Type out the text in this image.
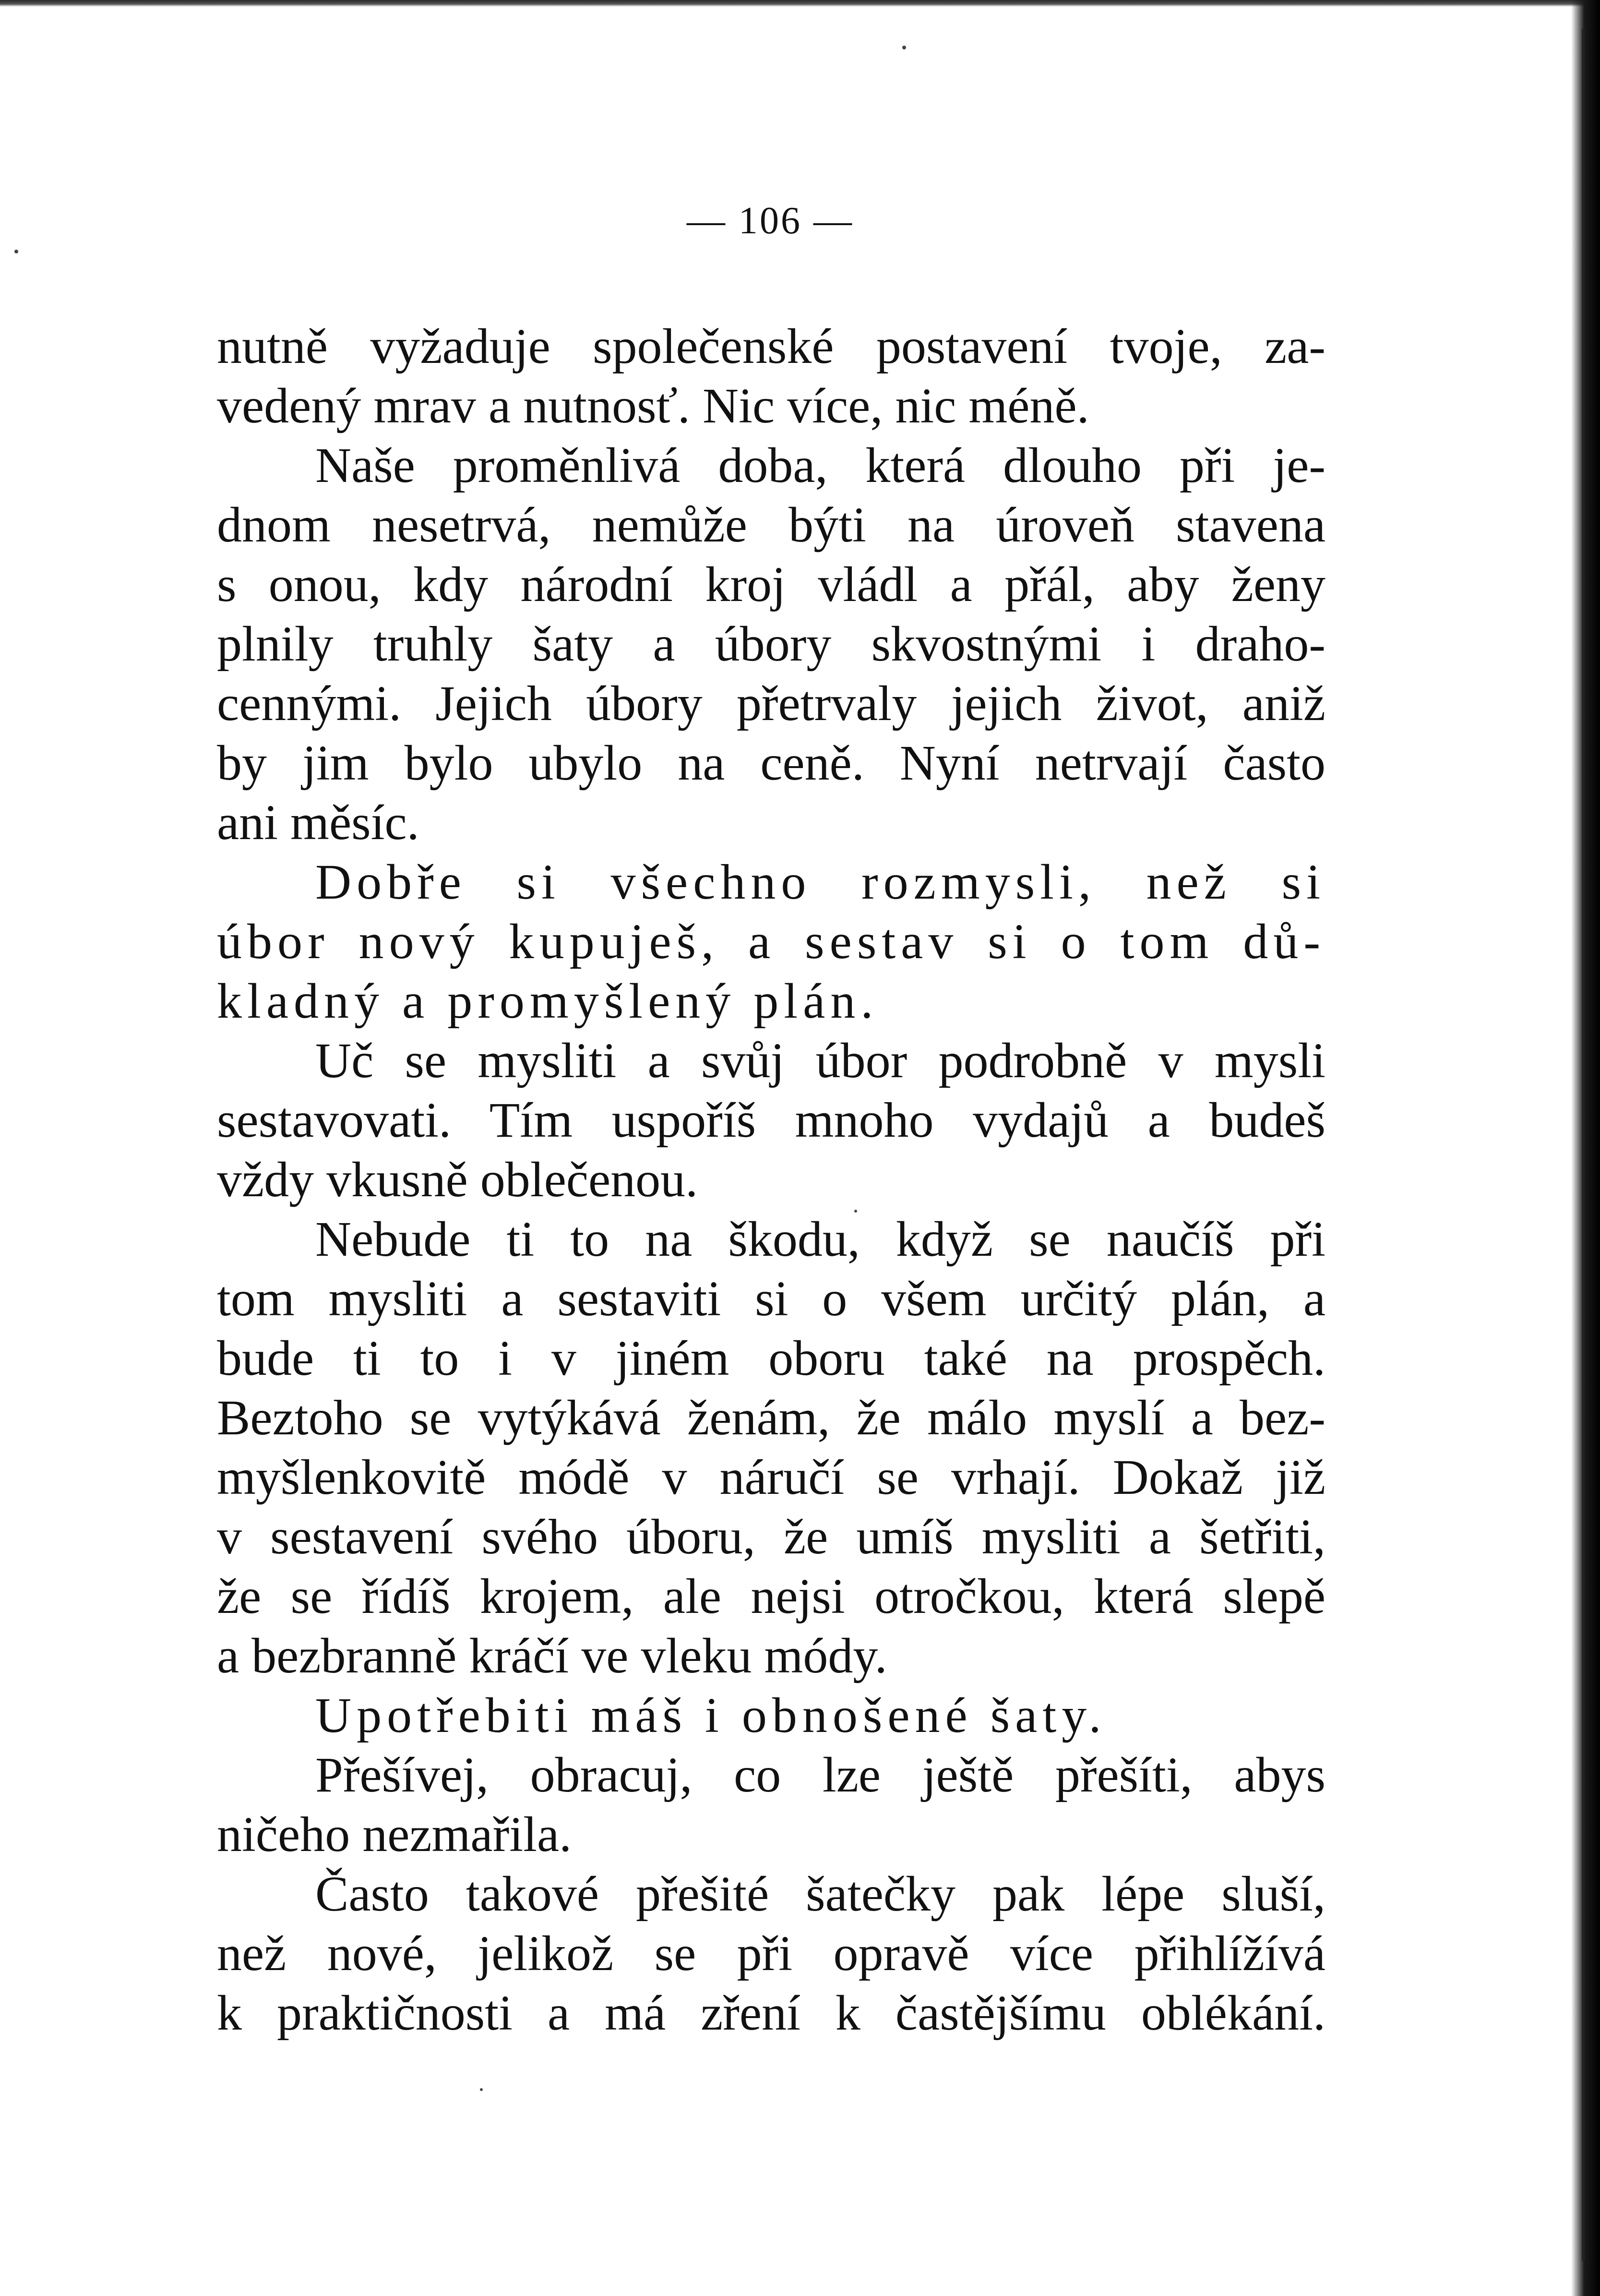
— 106 —
nutně vyžaduje společenské postavení tvoje, za-
vedený mrav a nutnosť. Nic více, nic méně.
Naše proměnlivá doba, která dlouho při je-
dnom nesetrvá, nemůže býti na úroveň stavena
s onou, kdy národní kroj vládl a přál, aby ženy
plnily truhly šaty a úbory skvostnými i draho-
cennými. Jejich úbory přetrvaly jejich život, aniž
by jim bylo ubylo na ceně. Nyní netrvají často
ani měsíc.
Dobře si všechno rozmysli, než si
úbor nový kupuješ, a sestav si o tom dů-
kladný a promyšlený plán.
Uč se mysliti a svůj úbor podrobně v mysli
sestavovati. Tím uspoříš mnoho vydajů a budeš
vždy vkusně oblečenou.
Nebude ti to na škodu, když se naučíš při
tom mysliti a sestaviti si o všem určitý plán, a
bude ti to i v jiném oboru také na prospěch.
Beztoho se vytýkává ženám, že málo myslí a bez-
myšlenkovitě módě v náručí se vrhají. Dokaž již
v sestavení svého úboru, že umíš mysliti a šetřiti,
že se řídíš krojem, ale nejsi otročkou, která slepě
a bezbranně kráčí ve vleku módy.
Upotřebiti máš i obnošené šaty.
Přešívej, obracuj, co lze ještě přešíti, abys
ničeho nezmařila.
Často takové přešité šatečky pak lépe sluší,
než nové, jelikož se při opravě více přihlížívá
k praktičnosti a má zření k častějšímu oblékání.
